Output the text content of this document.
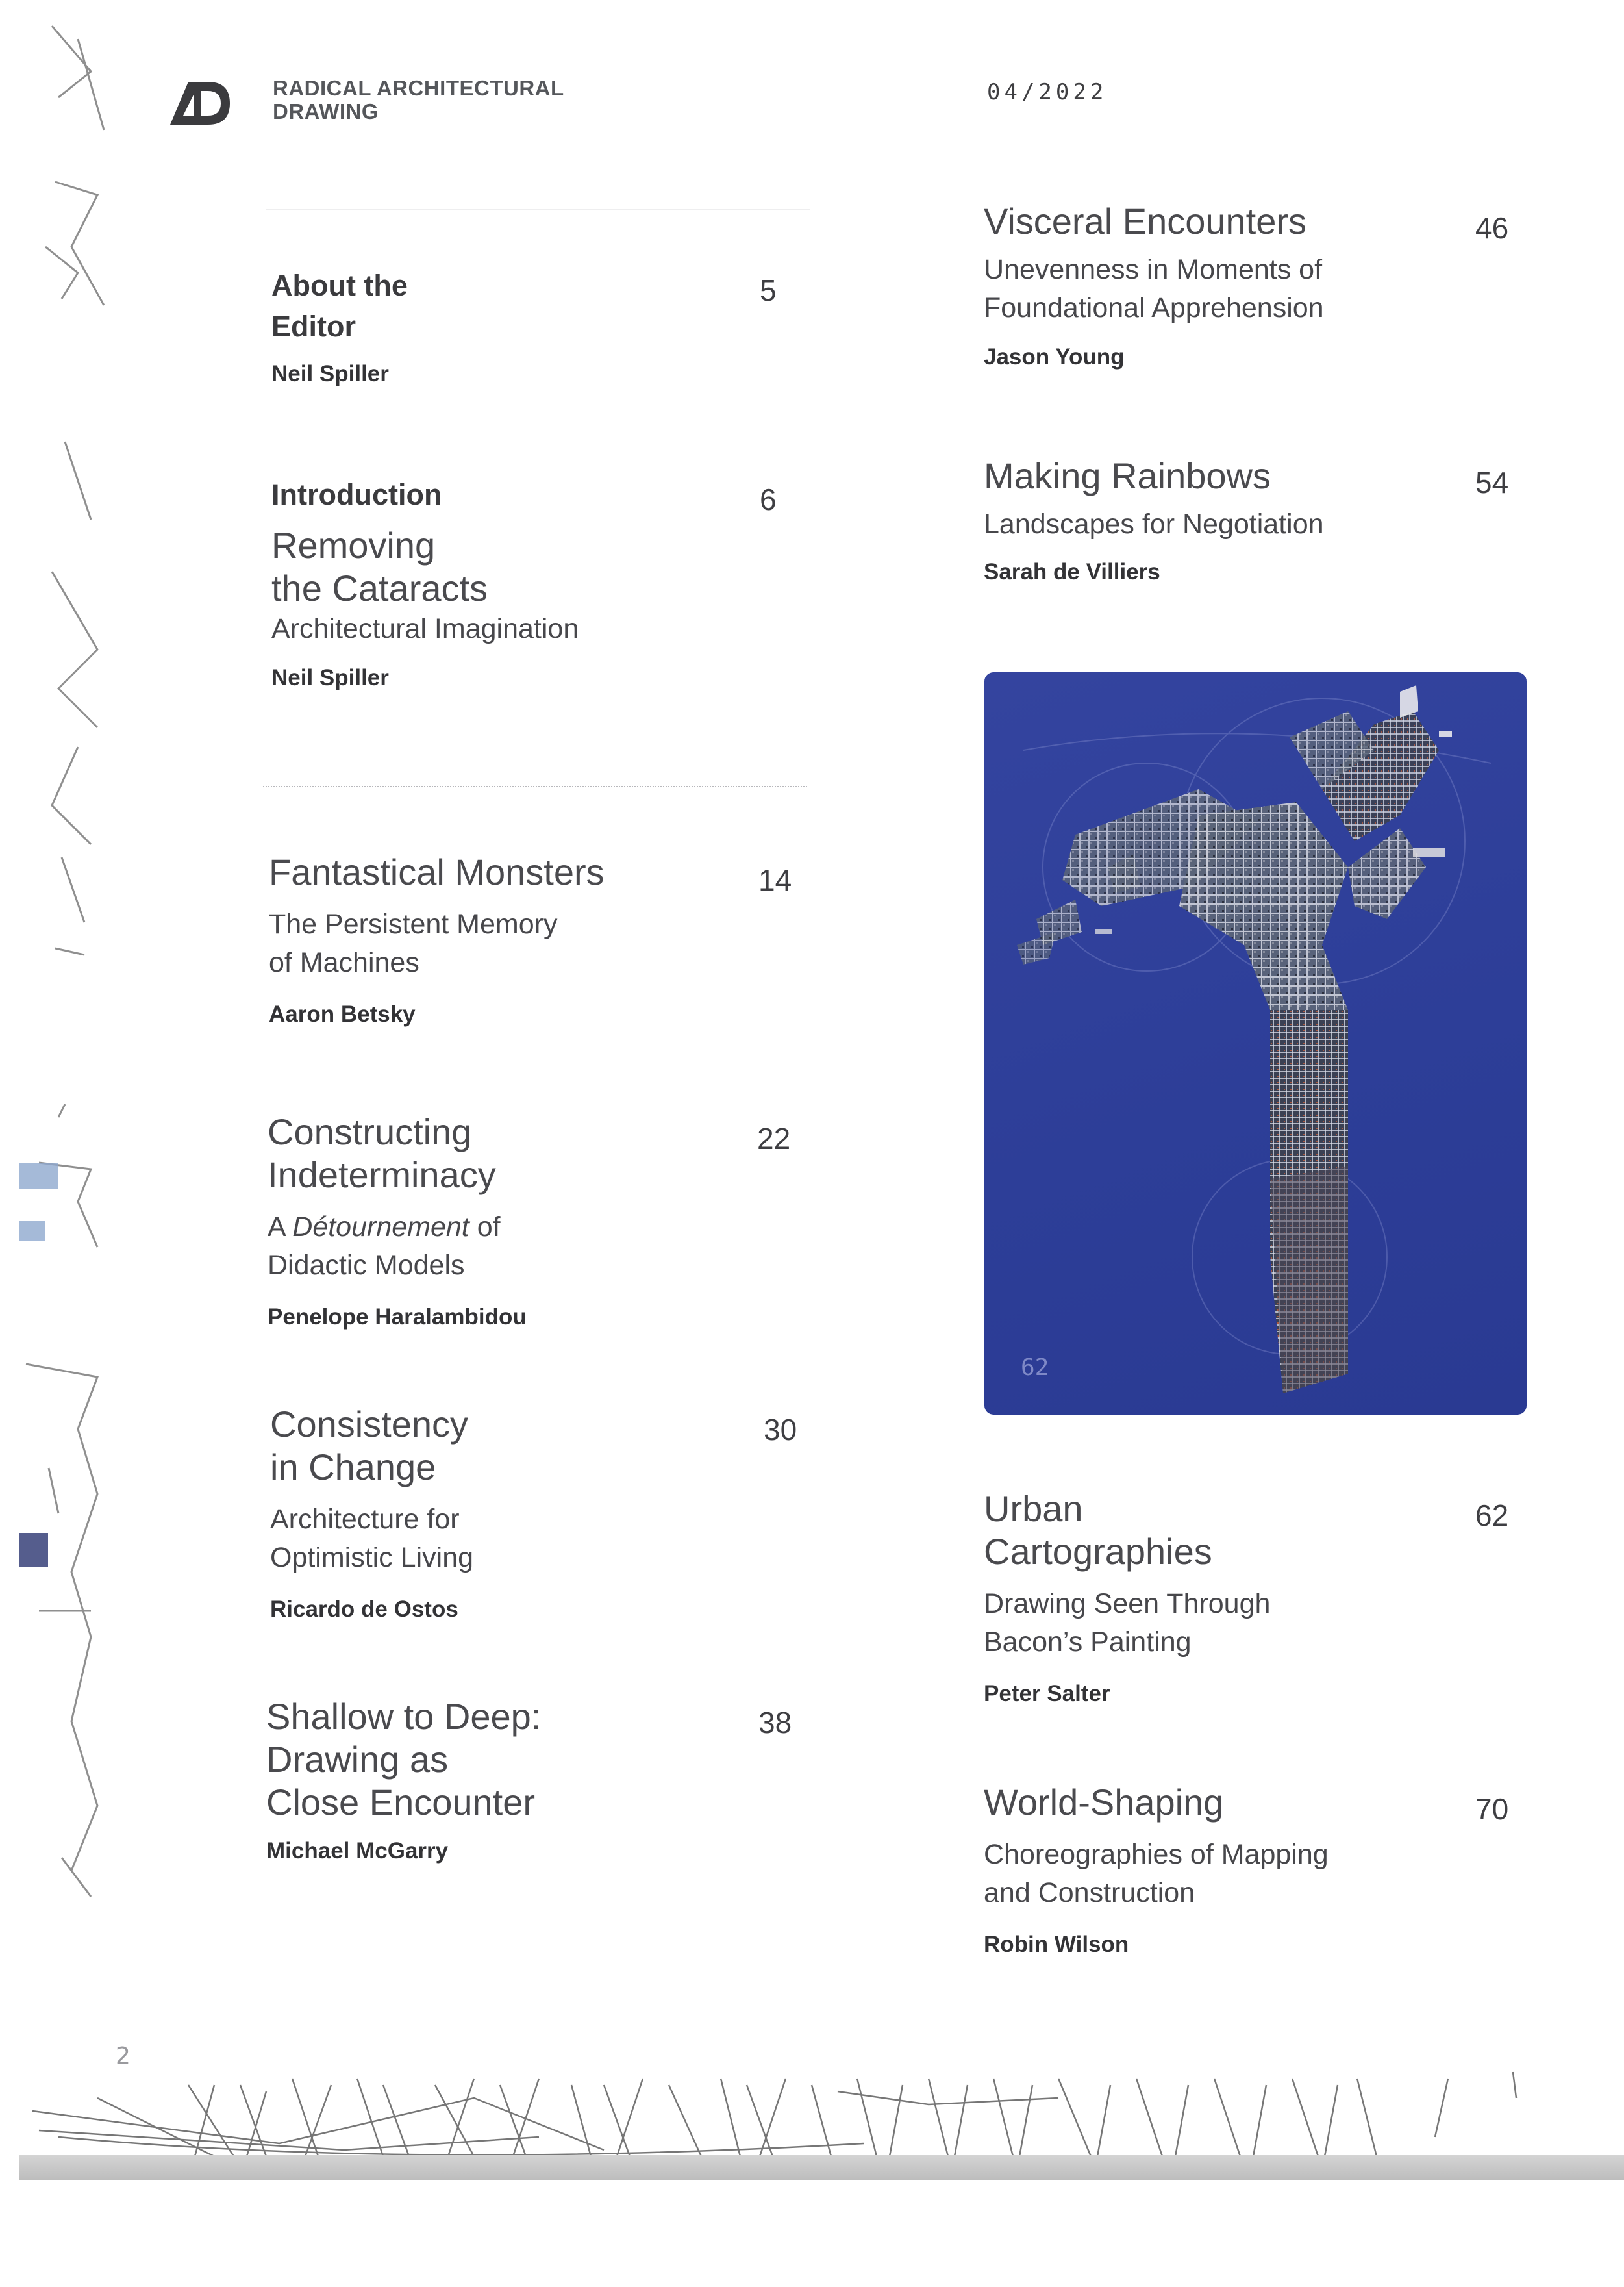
RADICAL ARCHITECTURAL
DRAWING
04/2022
About the
Editor
Neil Spiller
5
Introduction
Removing
the Cataracts
Architectural Imagination
Neil Spiller
6
Fantastical Monsters
The Persistent Memory
of Machines
Aaron Betsky
14
Constructing
Indeterminacy
A Détournement of
Didactic Models
Penelope Haralambidou
22
Consistency
in Change
Architecture for
Optimistic Living
Ricardo de Ostos
30
Shallow to Deep:
Drawing as
Close Encounter
Michael McGarry
38
Visceral Encounters
Unevenness in Moments of
Foundational Apprehension
Jason Young
46
Making Rainbows
Landscapes for Negotiation
Sarah de Villiers
54
62
Urban
Cartographies
Drawing Seen Through
Bacon’s Painting
Peter Salter
62
World-Shaping
Choreographies of Mapping
and Construction
Robin Wilson
70
2
